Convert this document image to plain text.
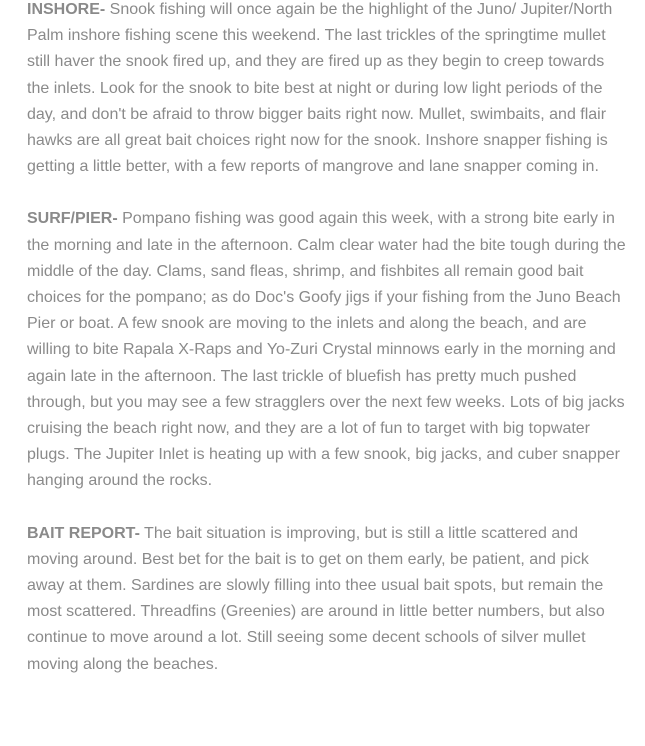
INSHORE- Snook fishing will once again be the highlight of the Juno/ Jupiter/North Palm inshore fishing scene this weekend. The last trickles of the springtime mullet still haver the snook fired up, and they are fired up as they begin to creep towards the inlets. Look for the snook to bite best at night or during low light periods of the day, and don't be afraid to throw bigger baits right now. Mullet, swimbaits, and flair hawks are all great bait choices right now for the snook. Inshore snapper fishing is getting a little better, with a few reports of mangrove and lane snapper coming in.

SURF/PIER- Pompano fishing was good again this week, with a strong bite early in the morning and late in the afternoon. Calm clear water had the bite tough during the middle of the day. Clams, sand fleas, shrimp, and fishbites all remain good bait choices for the pompano; as do Doc's Goofy jigs if your fishing from the Juno Beach Pier or boat. A few snook are moving to the inlets and along the beach, and are willing to bite Rapala X-Raps and Yo-Zuri Crystal minnows early in the morning and again late in the afternoon. The last trickle of bluefish has pretty much pushed through, but you may see a few stragglers over the next few weeks. Lots of big jacks cruising the beach right now, and they are a lot of fun to target with big topwater plugs. The Jupiter Inlet is heating up with a few snook, big jacks, and cuber snapper hanging around the rocks.

BAIT REPORT- The bait situation is improving, but is still a little scattered and moving around. Best bet for the bait is to get on them early, be patient, and pick away at them. Sardines are slowly filling into thee usual bait spots, but remain the most scattered. Threadfins (Greenies) are around in little better numbers, but also continue to move around a lot. Still seeing some decent schools of silver mullet moving along the beaches.
